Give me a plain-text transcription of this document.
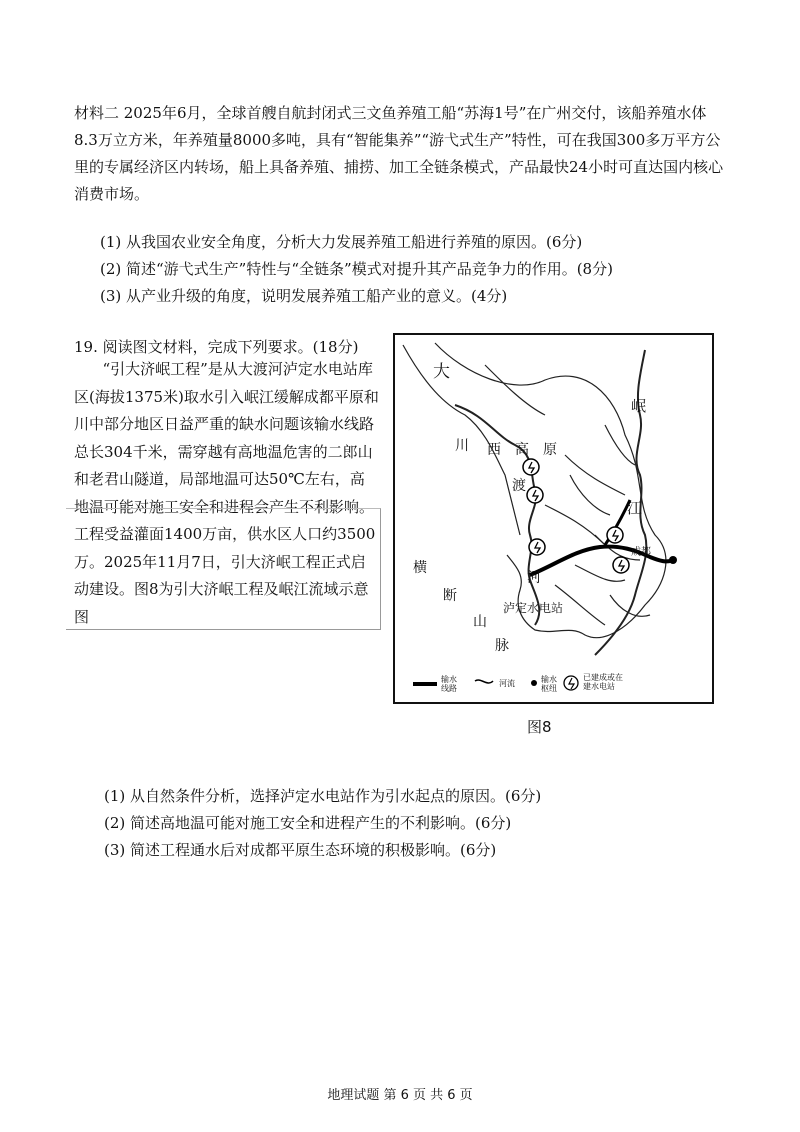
材料二 2025年6月，全球首艘自航封闭式三文鱼养殖工船“苏海1号”在广州交付，该船养殖水体8.3万立方米，年养殖量8000多吨，具有“智能集养”“游弋式生产”特性，可在我国300多万平方公里的专属经济区内转场，船上具备养殖、捕捞、加工全链条模式，产品最快24小时可直达国内核心消费市场。
(1) 从我国农业安全角度，分析大力发展养殖工船进行养殖的原因。(6分)
(2) 简述“游弋式生产”特性与“全链条”模式对提升其产品竞争力的作用。(8分)
(3) 从产业升级的角度，说明发展养殖工船产业的意义。(4分)
19. 阅读图文材料，完成下列要求。(18分)
“引大济岷工程”是从大渡河泸定水电站库区(海拔1375米)取水引入岷江缓解成都平原和川中部分地区日益严重的缺水问题该输水线路总长304千米，需穿越有高地温危害的二郎山和老君山隧道，局部地温可达50℃左右，高地温可能对施工安全和进程会产生不利影响。工程受益灌面1400万亩，供水区人口约3500万。2025年11月7日，引大济岷工程正式启动建设。图8为引大济岷工程及岷江流域示意图
大
岷
川 西 高 原
渡
江
河
成都
横
断
山
脉
泸定水电站
输水线路
河流	输水枢纽
已建成或在建水电站
图8
(1) 从自然条件分析，选择泸定水电站作为引水起点的原因。(6分)
(2) 简述高地温可能对施工安全和进程产生的不利影响。(6分)
(3) 简述工程通水后对成都平原生态环境的积极影响。(6分)
地理试题 第 6 页 共 6 页
